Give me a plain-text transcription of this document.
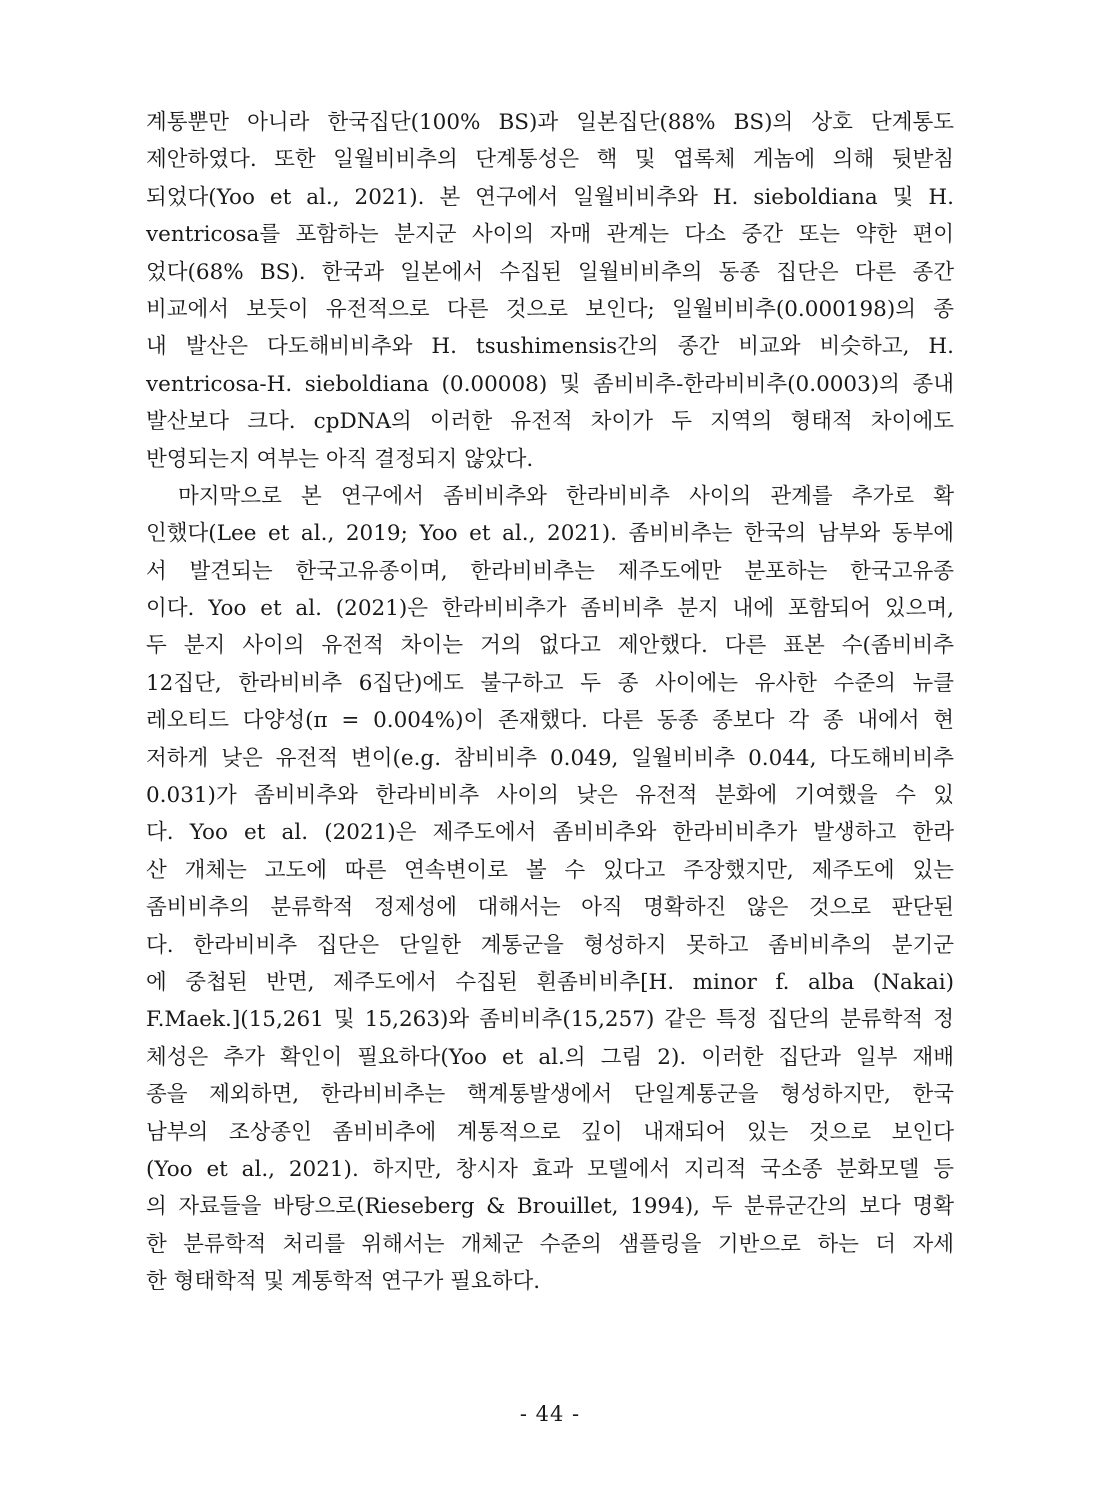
계통뿐만 아니라 한국집단(100% BS)과 일본집단(88% BS)의 상호 단계통도
제안하였다. 또한 일월비비추의 단계통성은 핵 및 엽록체 게놈에 의해 뒷받침
되었다(Yoo et al., 2021). 본 연구에서 일월비비추와 H. sieboldiana 및 H.
ventricosa를 포함하는 분지군 사이의 자매 관계는 다소 중간 또는 약한 편이
었다(68% BS). 한국과 일본에서 수집된 일월비비추의 동종 집단은 다른 종간
비교에서 보듯이 유전적으로 다른 것으로 보인다; 일월비비추(0.000198)의 종
내 발산은 다도해비비추와 H. tsushimensis간의 종간 비교와 비슷하고, H.
ventricosa-H. sieboldiana (0.00008) 및 좀비비추-한라비비추(0.0003)의 종내
발산보다 크다. cpDNA의 이러한 유전적 차이가 두 지역의 형태적 차이에도
반영되는지 여부는 아직 결정되지 않았다.
마지막으로 본 연구에서 좀비비추와 한라비비추 사이의 관계를 추가로 확
인했다(Lee et al., 2019; Yoo et al., 2021). 좀비비추는 한국의 남부와 동부에
서 발견되는 한국고유종이며, 한라비비추는 제주도에만 분포하는 한국고유종
이다. Yoo et al. (2021)은 한라비비추가 좀비비추 분지 내에 포함되어 있으며,
두 분지 사이의 유전적 차이는 거의 없다고 제안했다. 다른 표본 수(좀비비추
12집단, 한라비비추 6집단)에도 불구하고 두 종 사이에는 유사한 수준의 뉴클
레오티드 다양성(π = 0.004%)이 존재했다. 다른 동종 종보다 각 종 내에서 현
저하게 낮은 유전적 변이(e.g. 참비비추 0.049, 일월비비추 0.044, 다도해비비추
0.031)가 좀비비추와 한라비비추 사이의 낮은 유전적 분화에 기여했을 수 있
다. Yoo et al. (2021)은 제주도에서 좀비비추와 한라비비추가 발생하고 한라
산 개체는 고도에 따른 연속변이로 볼 수 있다고 주장했지만, 제주도에 있는
좀비비추의 분류학적 정제성에 대해서는 아직 명확하진 않은 것으로 판단된
다. 한라비비추 집단은 단일한 계통군을 형성하지 못하고 좀비비추의 분기군
에 중첩된 반면, 제주도에서 수집된 흰좀비비추[H. minor f. alba (Nakai)
F.Maek.](15,261 및 15,263)와 좀비비추(15,257) 같은 특정 집단의 분류학적 정
체성은 추가 확인이 필요하다(Yoo et al.의 그림 2). 이러한 집단과 일부 재배
종을 제외하면, 한라비비추는 핵계통발생에서 단일계통군을 형성하지만, 한국
남부의 조상종인 좀비비추에 계통적으로 깊이 내재되어 있는 것으로 보인다
(Yoo et al., 2021). 하지만, 창시자 효과 모델에서 지리적 국소종 분화모델 등
의 자료들을 바탕으로(Rieseberg & Brouillet, 1994), 두 분류군간의 보다 명확
한 분류학적 처리를 위해서는 개체군 수준의 샘플링을 기반으로 하는 더 자세
한 형태학적 및 계통학적 연구가 필요하다.
- 44 -
